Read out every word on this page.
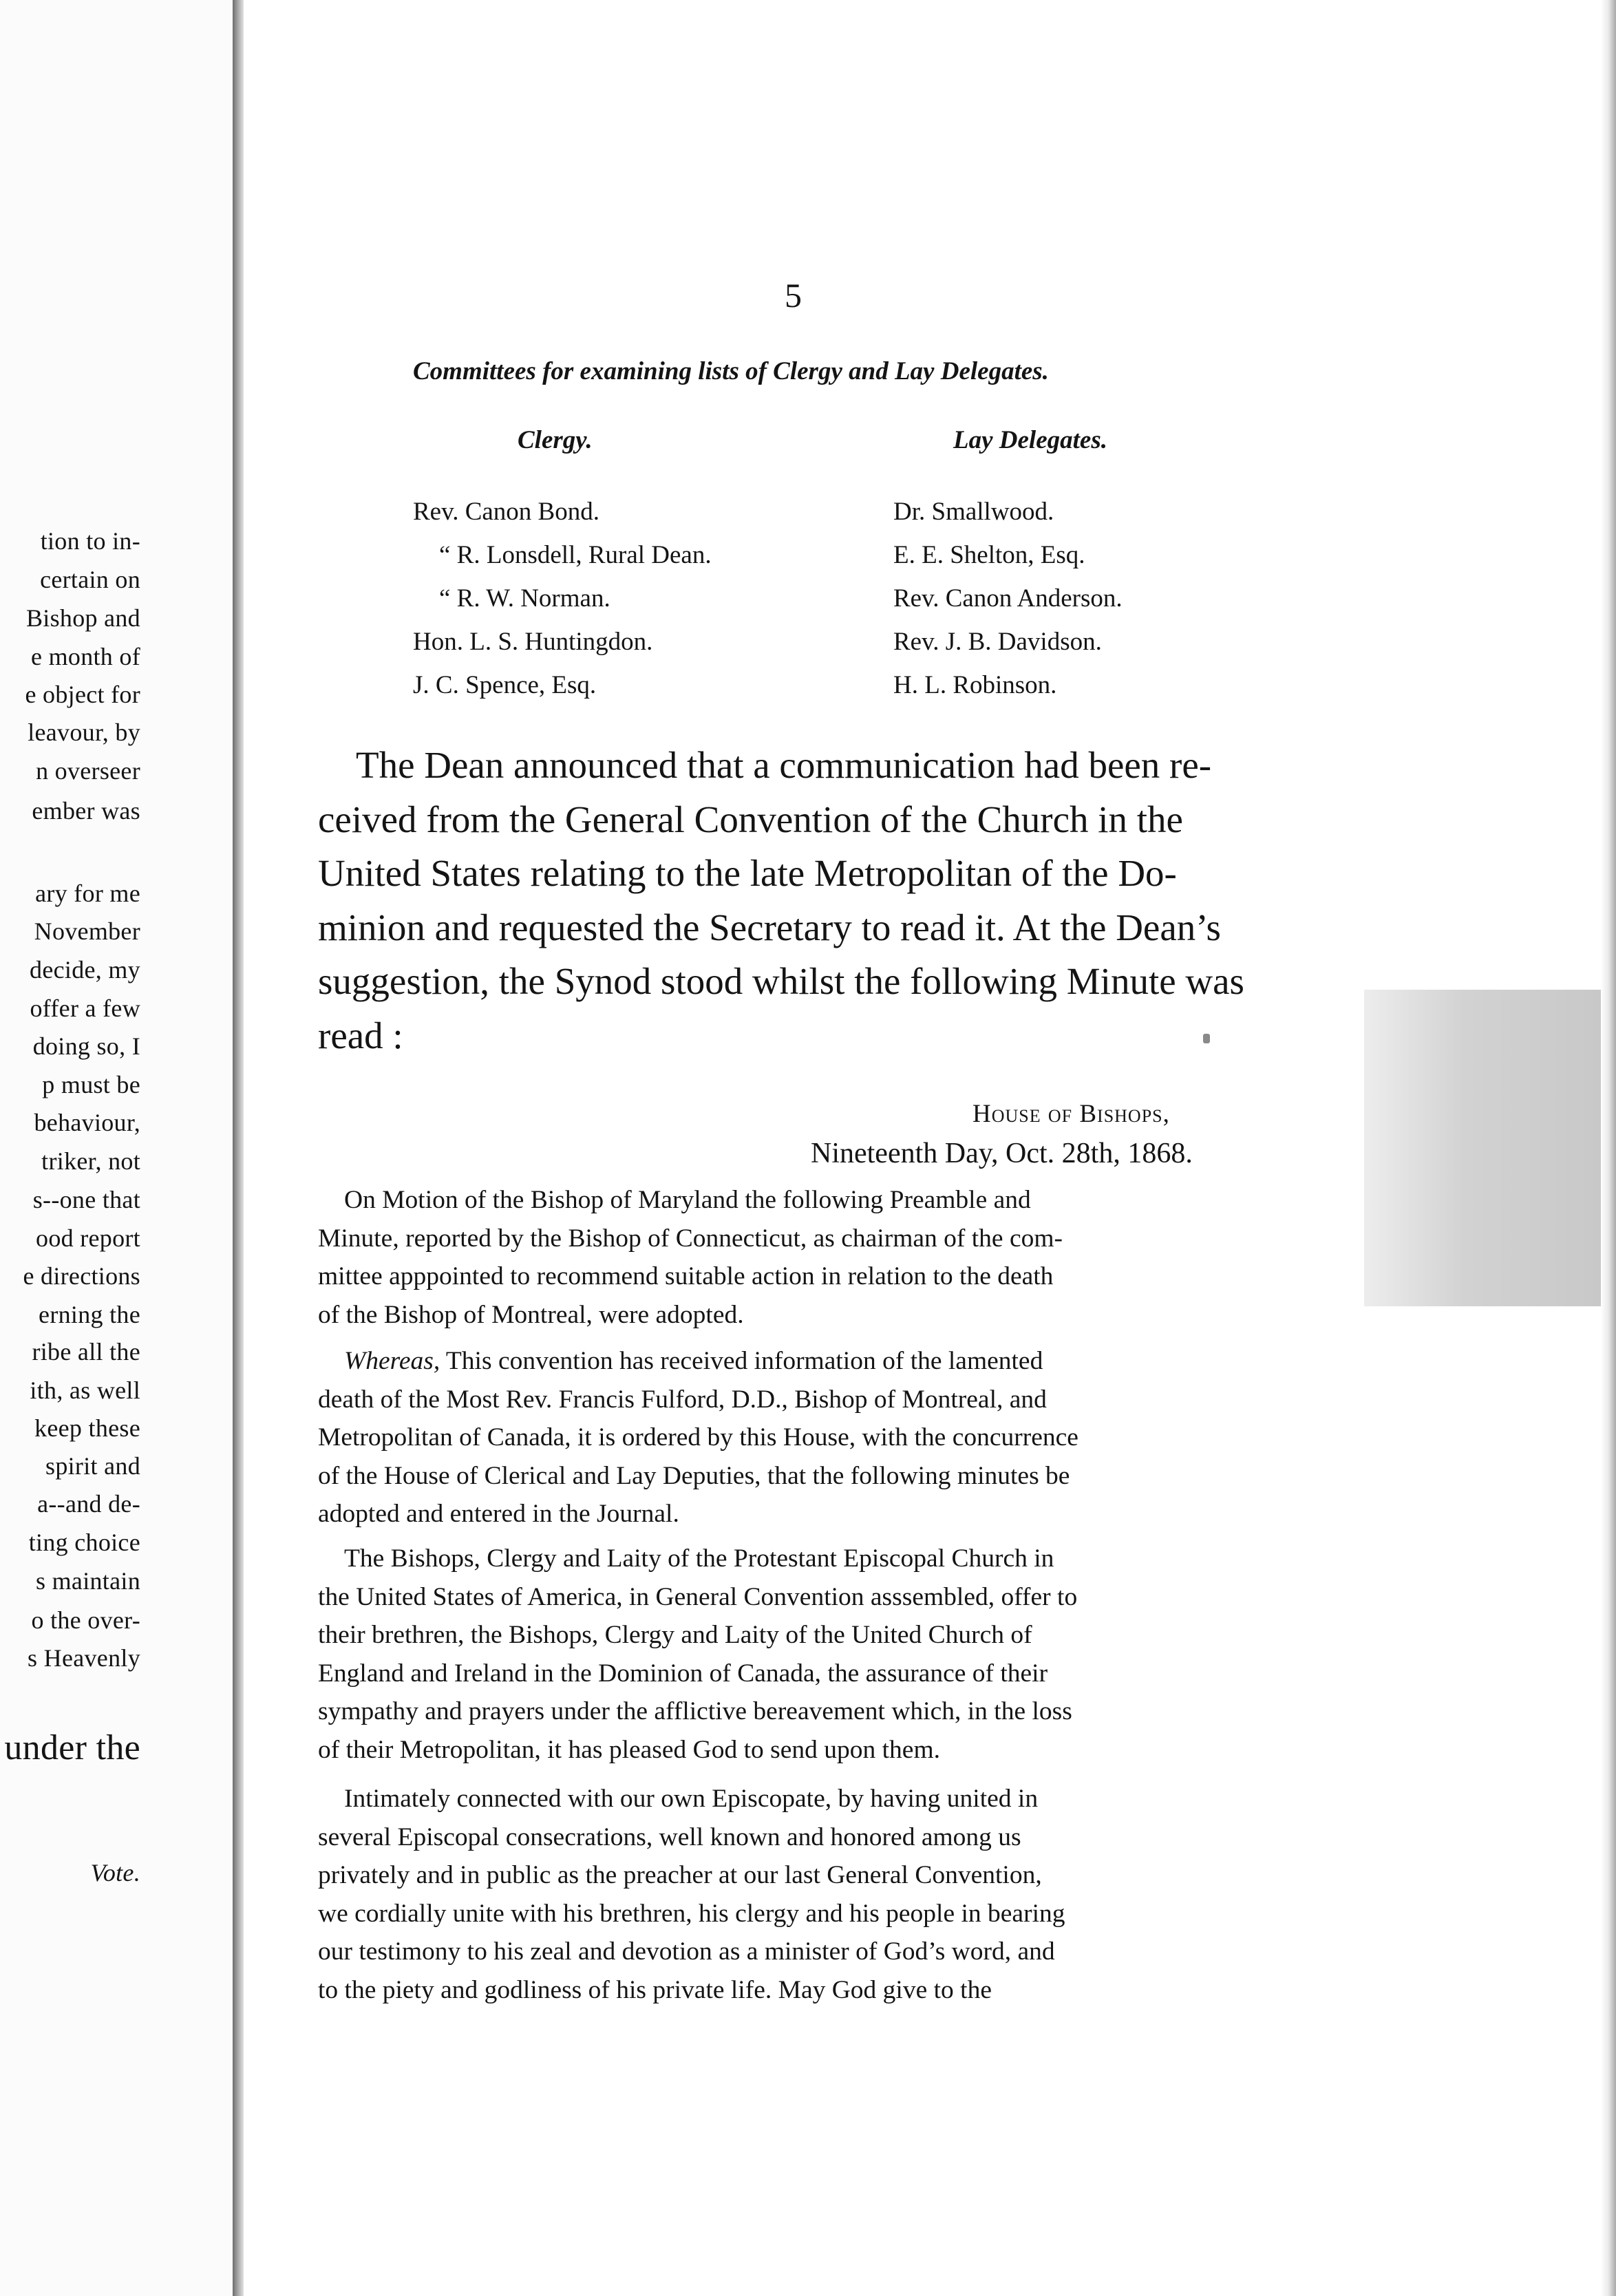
tion to in-
certain on
Bishop and
e month of
e object for
leavour, by
n overseer
ember was
ary for me
November
decide, my
offer a few
doing so, I
p must be
behaviour,
triker, not
s--one that
ood report
e directions
erning the
ribe all the
ith, as well
keep these
spirit and
a--and de-
ting choice
s maintain
o the over-
s Heavenly
under the
Vote.
5
Committees for examining lists of Clergy and Lay Delegates.
Clergy.	Lay Delegates.
Rev. Canon Bond.
“ R. Lonsdell, Rural Dean.
“ R. W. Norman.
Hon. L. S. Huntingdon.
J. C. Spence, Esq.
Dr. Smallwood.
E. E. Shelton, Esq.
Rev. Canon Anderson.
Rev. J. B. Davidson.
H. L. Robinson.
The Dean announced that a communication had been re-
ceived from the General Convention of the Church in the
United States relating to the late Metropolitan of the Do-
minion and requested the Secretary to read it. At the Dean’s
suggestion, the Synod stood whilst the following Minute was
read :
House of Bishops,
Nineteenth Day, Oct. 28th, 1868.
On Motion of the Bishop of Maryland the following Preamble and
Minute, reported by the Bishop of Connecticut, as chairman of the com-
mittee apppointed to recommend suitable action in relation to the death
of the Bishop of Montreal, were adopted.
Whereas, This convention has received information of the lamented
death of the Most Rev. Francis Fulford, D.D., Bishop of Montreal, and
Metropolitan of Canada, it is ordered by this House, with the concurrence
of the House of Clerical and Lay Deputies, that the following minutes be
adopted and entered in the Journal.
The Bishops, Clergy and Laity of the Protestant Episcopal Church in
the United States of America, in General Convention asssembled, offer to
their brethren, the Bishops, Clergy and Laity of the United Church of
England and Ireland in the Dominion of Canada, the assurance of their
sympathy and prayers under the afflictive bereavement which, in the loss
of their Metropolitan, it has pleased God to send upon them.
Intimately connected with our own Episcopate, by having united in
several Episcopal consecrations, well known and honored among us
privately and in public as the preacher at our last General Convention,
we cordially unite with his brethren, his clergy and his people in bearing
our testimony to his zeal and devotion as a minister of God’s word, and
to the piety and godliness of his private life. May God give to the
